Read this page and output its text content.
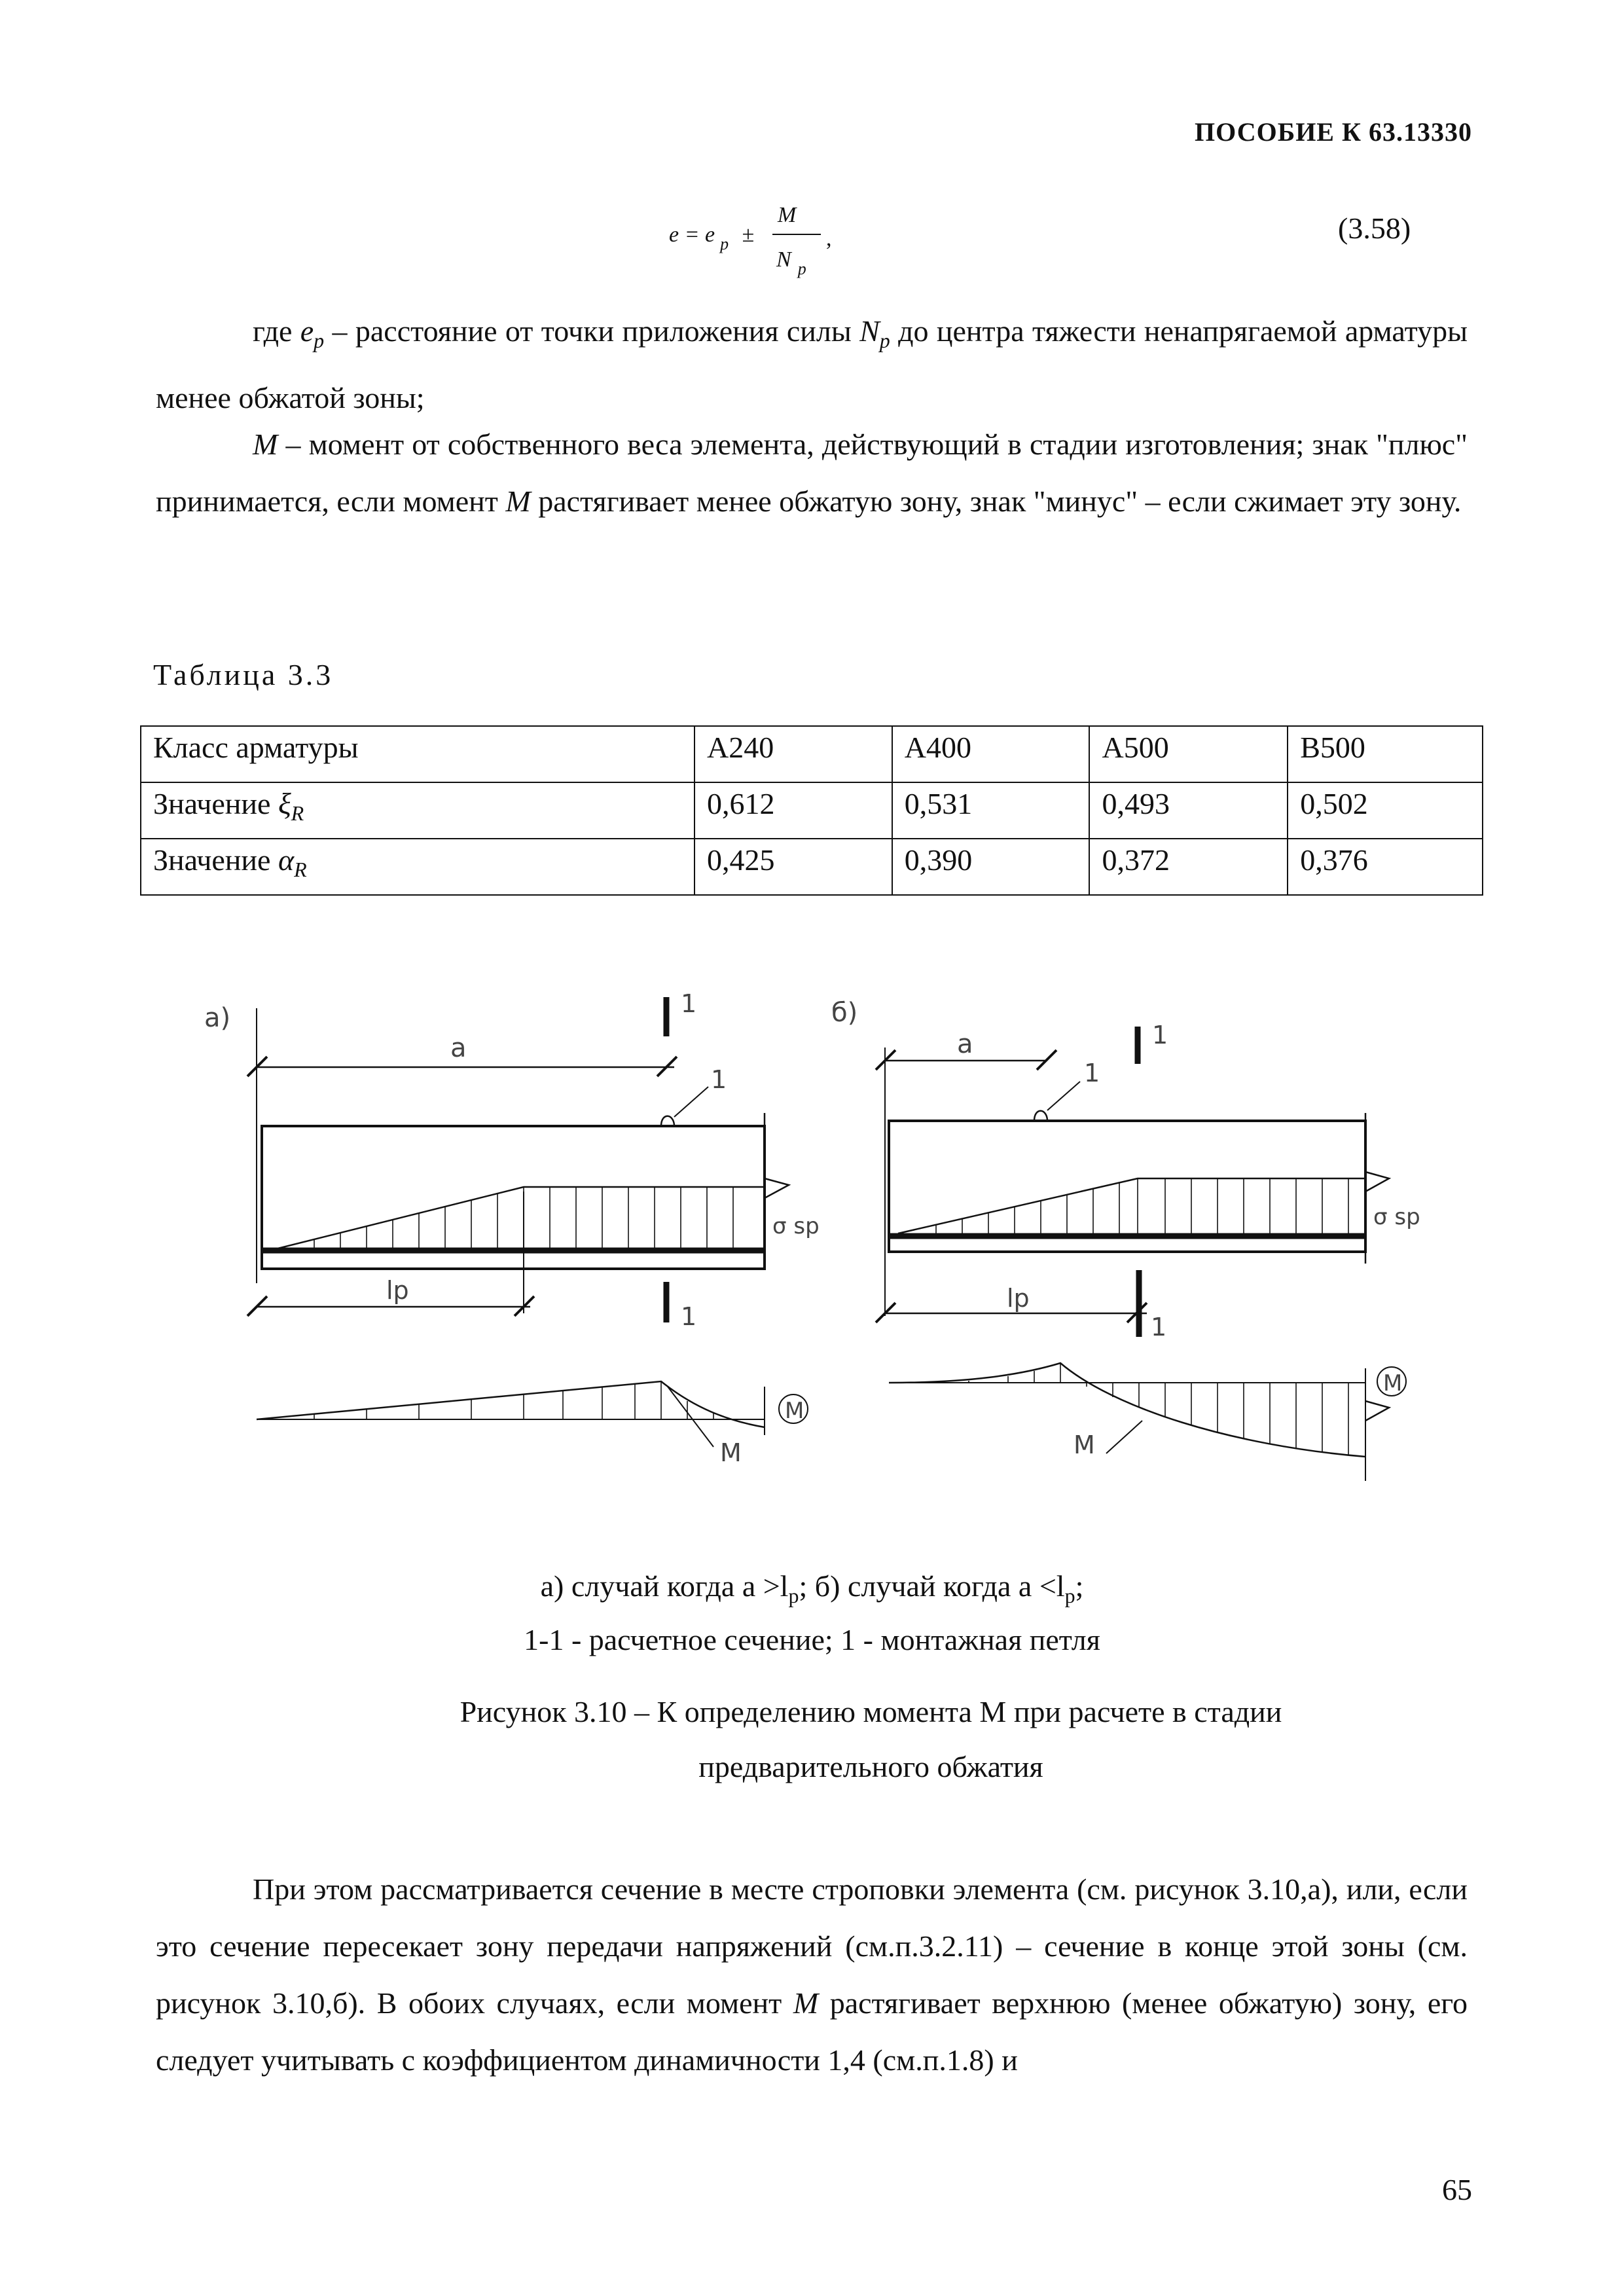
ПОСОБИЕ К 63.13330
e = e $_p$ ±
M
N $_p$
,	(3.58)
где $e_p$ – расстояние от точки приложения силы $N_p$ до центра тяжести ненапрягаемой арматуры менее обжатой зоны;
M – момент от собственного веса элемента, действующий в стадии изготовления; знак "плюс" принимается, если момент M растягивает менее обжатую зону, знак "минус" – если сжимает эту зону.
Таблица 3.3
Класс арматуры	А240	А400	А500	В500
Значение $\xi_R$	0,612	0,531	0,493	0,502
Значение $\alpha_R$	0,425	0,390	0,372	0,376
а)	б)
a	a
1
1
1
1
1	1
lp	lp
σ sp	σ sp
M	M
M
M
а) случай когда $а >l_p$; б) случай когда $а <l_p$;
1-1 - расчетное сечение; 1 - монтажная петля
Рисунок 3.10 – К определению момента М при расчете в стадии
предварительного обжатия
При этом рассматривается сечение в месте строповки элемента (см. рисунок 3.10,а), или, если это сечение пересекает зону передачи напряжений (см.п.3.2.11) – сечение в конце этой зоны (см. рисунок 3.10,б). В обоих случаях, если момент M растягивает верхнюю (менее обжатую) зону, его следует учитывать с коэффициентом динамичности 1,4 (см.п.1.8) и
65
